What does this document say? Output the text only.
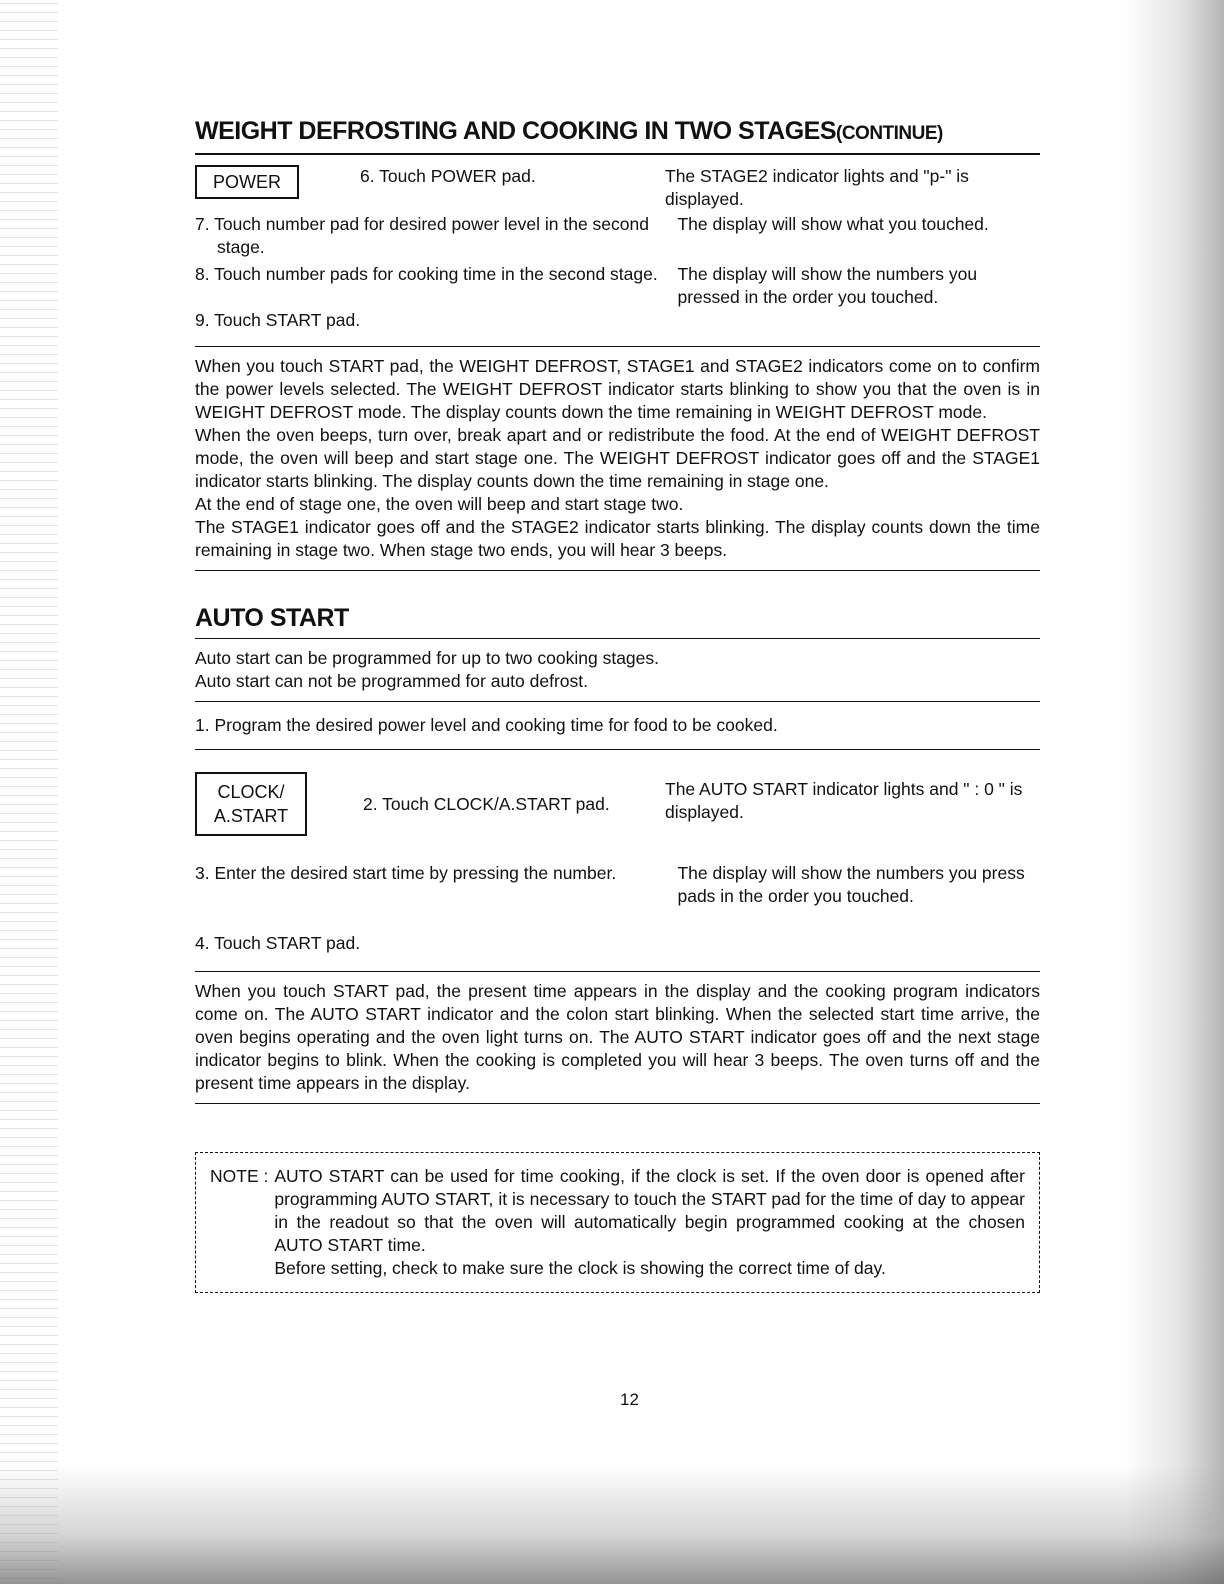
WEIGHT DEFROSTING AND COOKING IN TWO STAGES(CONTINUE)
POWER	6. Touch POWER pad.	The STAGE2 indicator lights and "p-" is displayed.
7. Touch number pad for desired power level in the second stage.
The display will show what you touched.
8. Touch number pads for cooking time in the second stage.	The display will show the numbers you pressed in the order you touched.
9. Touch START pad.

When you touch START pad, the WEIGHT DEFROST, STAGE1 and STAGE2 indicators come on to confirm the power levels selected. The WEIGHT DEFROST indicator starts blinking to show you that the oven is in WEIGHT DEFROST mode. The display counts down the time remaining in WEIGHT DEFROST mode.

When the oven beeps, turn over, break apart and or redistribute the food. At the end of WEIGHT DEFROST mode, the oven will beep and start stage one. The WEIGHT DEFROST indicator goes off and the STAGE1 indicator starts blinking. The display counts down the time remaining in stage one.

At the end of stage one, the oven will beep and start stage two.

The STAGE1 indicator goes off and the STAGE2 indicator starts blinking. The display counts down the time remaining in stage two. When stage two ends, you will hear 3 beeps.

AUTO START

Auto start can be programmed for up to two cooking stages.

Auto start can not be programmed for auto defrost.

1. Program the desired power level and cooking time for food to be cooked.

CLOCK/
A.START
2. Touch CLOCK/A.START pad.
The AUTO START indicator lights and " : 0 " is displayed.
3. Enter the desired start time by pressing the number.	The display will show the numbers you press pads in the order you touched.
4. Touch START pad.

When you touch START pad, the present time appears in the display and the cooking program indicators come on. The AUTO START indicator and the colon start blinking. When the selected start time arrive, the oven begins operating and the oven light turns on. The AUTO START indicator goes off and the next stage indicator begins to blink. When the cooking is completed you will hear 3 beeps. The oven turns off and the present time appears in the display.

NOTE : AUTO START can be used for time cooking, if the clock is set. If the oven door is opened after programming AUTO START, it is necessary to touch the START pad for the time of day to appear in the readout so that the oven will automatically begin programmed cooking at the chosen AUTO START time.

Before setting, check to make sure the clock is showing the correct time of day.

12
